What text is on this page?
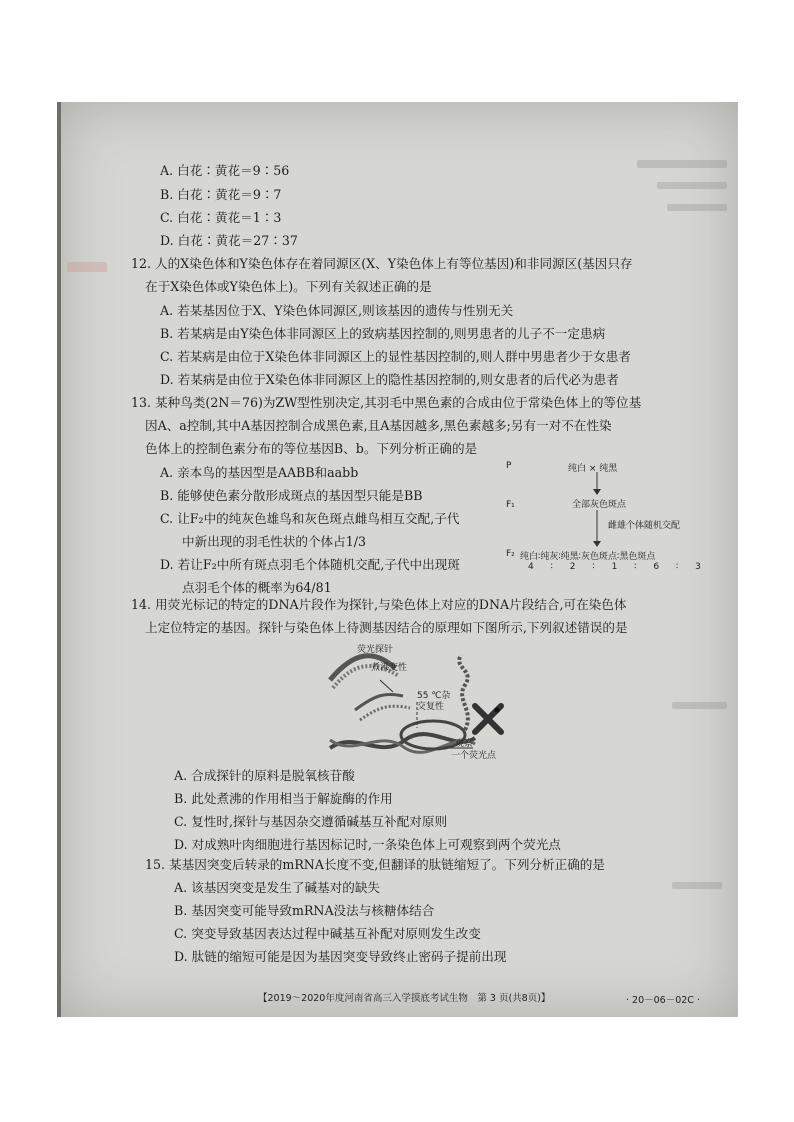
A. 白花∶黄花＝9∶56
B. 白花∶黄花＝9∶7
C. 白花∶黄花＝1∶3
D. 白花∶黄花＝27∶37
12. 人的X染色体和Y染色体存在着同源区(X、Y染色体上有等位基因)和非同源区(基因只存
在于X染色体或Y染色体上)。下列有关叙述正确的是
A. 若某基因位于X、Y染色体同源区,则该基因的遗传与性别无关
B. 若某病是由Y染色体非同源区上的致病基因控制的,则男患者的儿子不一定患病
C. 若某病是由位于X染色体非同源区上的显性基因控制的,则人群中男患者少于女患者
D. 若某病是由位于X染色体非同源区上的隐性基因控制的,则女患者的后代必为患者
13. 某种鸟类(2N＝76)为ZW型性别决定,其羽毛中黑色素的合成由位于常染色体上的等位基
因A、a控制,其中A基因控制合成黑色素,且A基因越多,黑色素越多;另有一对不在性染
色体上的控制色素分布的等位基因B、b。下列分析正确的是
A. 亲本鸟的基因型是AABB和aabb
B. 能够使色素分散形成斑点的基因型只能是BB
C. 让F₂中的纯灰色雄鸟和灰色斑点雌鸟相互交配,子代
中新出现的羽毛性状的个体占1/3
D. 若让F₂中所有斑点羽毛个体随机交配,子代中出现斑
点羽毛个体的概率为64/81
P	纯白 × 纯黑
F₁	全部灰色斑点
雌雄个体随机交配
F₂ 纯白∶纯灰∶纯黑∶灰色斑点∶黑色斑点
4 ∶ 2 ∶ 1 ∶ 6 ∶ 3
14. 用荧光标记的特定的DNA片段作为探针,与染色体上对应的DNA片段结合,可在染色体
上定位特定的基因。探针与染色体上待测基因结合的原理如下图所示,下列叙述错误的是
荧光探针
煮沸变性
55 ℃杂
交复性
观察
一个荧光点
A. 合成探针的原料是脱氧核苷酸
B. 此处煮沸的作用相当于解旋酶的作用
C. 复性时,探针与基因杂交遵循碱基互补配对原则
D. 对成熟叶肉细胞进行基因标记时,一条染色体上可观察到两个荧光点
15. 某基因突变后转录的mRNA长度不变,但翻译的肽链缩短了。下列分析正确的是
A. 该基因突变是发生了碱基对的缺失
B. 基因突变可能导致mRNA没法与核糖体结合
C. 突变导致基因表达过程中碱基互补配对原则发生改变
D. 肽链的缩短可能是因为基因突变导致终止密码子提前出现
【2019～2020年度河南省高三入学摸底考试生物　第 3 页(共8页)】	· 20－06－02C ·
